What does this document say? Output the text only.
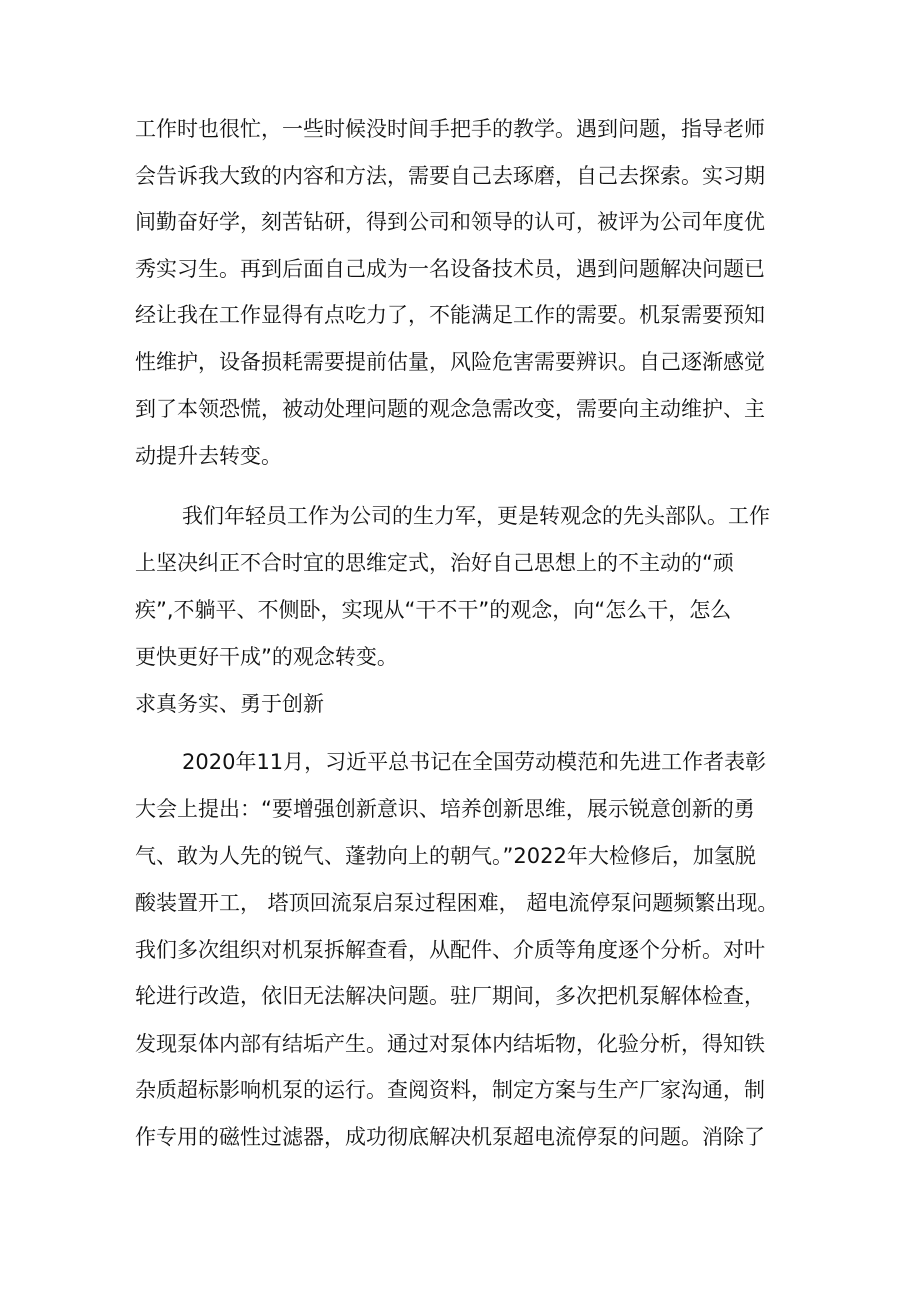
工作时也很忙，一些时候没时间手把手的教学。遇到问题，指导老师

会告诉我大致的内容和方法，需要自己去琢磨，自己去探索。实习期

间勤奋好学，刻苦钻研，得到公司和领导的认可，被评为公司年度优

秀实习生。再到后面自己成为一名设备技术员，遇到问题解决问题已

经让我在工作显得有点吃力了，不能满足工作的需要。机泵需要预知

性维护，设备损耗需要提前估量，风险危害需要辨识。自己逐渐感觉

到了本领恐慌，被动处理问题的观念急需改变，需要向主动维护、主

动提升去转变。

我们年轻员工作为公司的生力军，更是转观念的先头部队。工作

上坚决纠正不合时宜的思维定式，治好自己思想上的不主动的“顽

疾”,不躺平、不侧卧，实现从“干不干”的观念，向“怎么干，怎么

更快更好干成”的观念转变。

求真务实、勇于创新

2020年11月，习近平总书记在全国劳动模范和先进工作者表彰

大会上提出：“要增强创新意识、培养创新思维，展示锐意创新的勇

气、敢为人先的锐气、蓬勃向上的朝气。”2022年大检修后，加氢脱

酸装置开工， 塔顶回流泵启泵过程困难， 超电流停泵问题频繁出现。

我们多次组织对机泵拆解查看，从配件、介质等角度逐个分析。对叶

轮进行改造，依旧无法解决问题。驻厂期间，多次把机泵解体检查，

发现泵体内部有结垢产生。通过对泵体内结垢物，化验分析，得知铁

杂质超标影响机泵的运行。查阅资料，制定方案与生产厂家沟通，制

作专用的磁性过滤器，成功彻底解决机泵超电流停泵的问题。消除了
